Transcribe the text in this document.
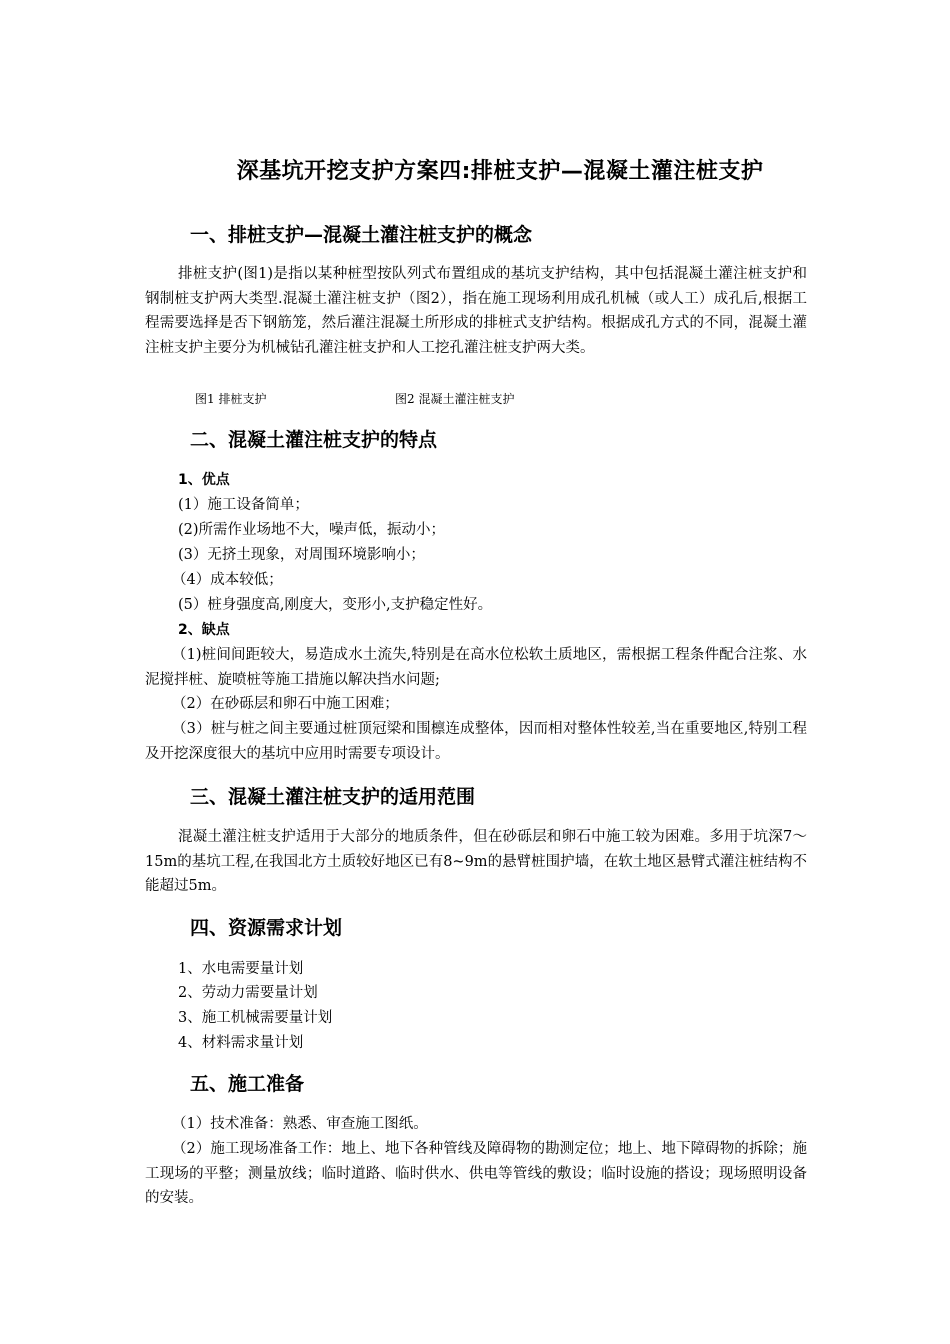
深基坑开挖支护方案四:排桩支护—混凝土灌注桩支护
一、排桩支护—混凝土灌注桩支护的概念

排桩支护(图1)是指以某种桩型按队列式布置组成的基坑支护结构，其中包括混凝土灌注桩支护和钢制桩支护两大类型.混凝土灌注桩支护（图2），指在施工现场利用成孔机械（或人工）成孔后,根据工程需要选择是否下钢筋笼，然后灌注混凝土所形成的排桩式支护结构。根据成孔方式的不同，混凝土灌注桩支护主要分为机械钻孔灌注桩支护和人工挖孔灌注桩支护两大类。

图1 排桩支护	图2 混凝土灌注桩支护

二、混凝土灌注桩支护的特点

1、优点

(1）施工设备简单；

(2)所需作业场地不大，噪声低，振动小；

(3）无挤土现象，对周围环境影响小；

（4）成本较低；

(5）桩身强度高,刚度大，变形小,支护稳定性好。

2、缺点

（1)桩间间距较大，易造成水土流失,特别是在高水位松软土质地区，需根据工程条件配合注浆、水泥搅拌桩、旋喷桩等施工措施以解决挡水问题;

（2）在砂砾层和卵石中施工困难；

（3）桩与桩之间主要通过桩顶冠梁和围檩连成整体，因而相对整体性较差,当在重要地区,特别工程及开挖深度很大的基坑中应用时需要专项设计。

三、混凝土灌注桩支护的适用范围

混凝土灌注桩支护适用于大部分的地质条件，但在砂砾层和卵石中施工较为困难。多用于坑深7～15m的基坑工程,在我国北方土质较好地区已有8~9m的悬臂桩围护墙，在软土地区悬臂式灌注桩结构不能超过5m。

四、资源需求计划

1、水电需要量计划

2、劳动力需要量计划

3、施工机械需要量计划

4、材料需求量计划

五、施工准备

（1）技术准备：熟悉、审查施工图纸。

（2）施工现场准备工作：地上、地下各种管线及障碍物的勘测定位；地上、地下障碍物的拆除；施工现场的平整；测量放线；临时道路、临时供水、供电等管线的敷设；临时设施的搭设；现场照明设备的安装。
